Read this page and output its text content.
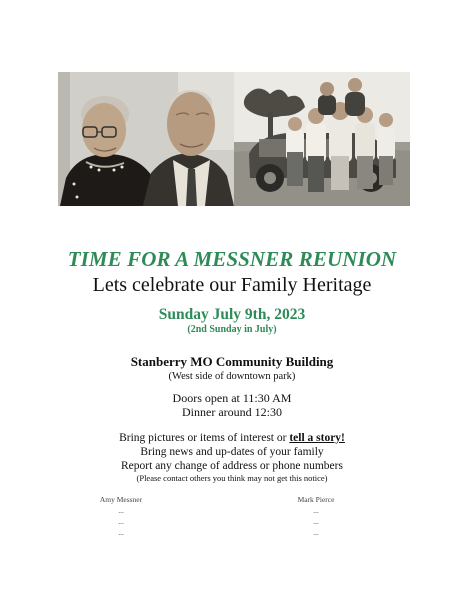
TIME FOR A MESSNER REUNION

Lets celebrate our Family Heritage

Sunday July 9th, 2023

(2nd Sunday in July)

Stanberry MO Community Building

(West side of downtown park)

Doors open at 11:30 AM

Dinner around 12:30

Bring pictures or items of interest or tell a story!

Bring news and up-dates of your family

Report any change of address or phone numbers

(Please contact others you think may not get this notice)

Amy Messner
...
...
...
Mark Pierce
...
...
...
